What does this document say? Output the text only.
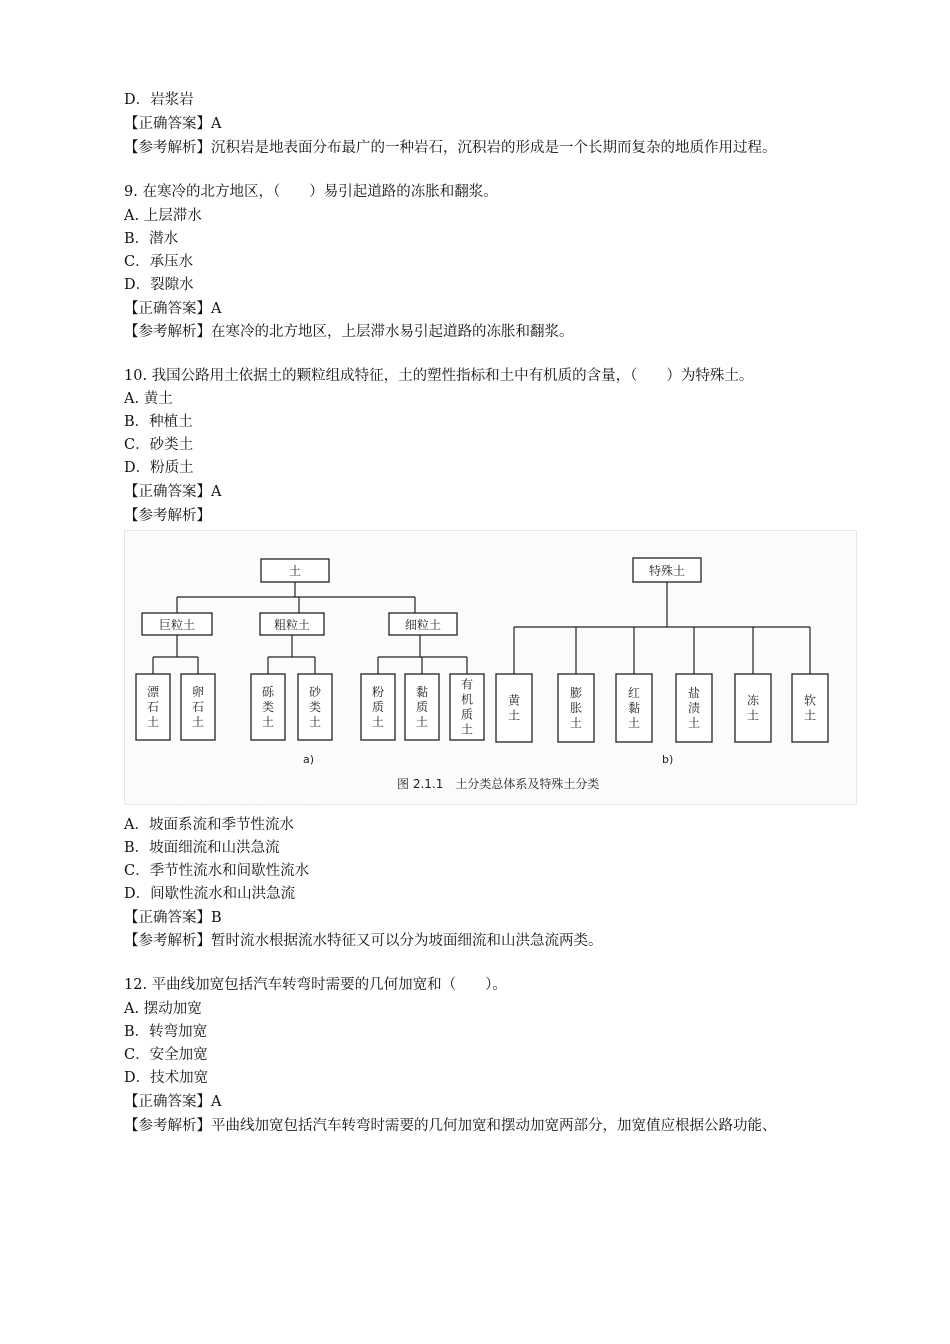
D．岩浆岩
【正确答案】A
【参考解析】沉积岩是地表面分布最广的一种岩石，沉积岩的形成是一个长期而复杂的地质作用过程。
9. 在寒冷的北方地区，（　　）易引起道路的冻胀和翻浆。
A. 上层滞水
B．潜水
C．承压水
D．裂隙水
【正确答案】A
【参考解析】在寒冷的北方地区，上层滞水易引起道路的冻胀和翻浆。
10. 我国公路用土依据土的颗粒组成特征，土的塑性指标和土中有机质的含量，（　　）为特殊土。
A. 黄土
B．种植土
C．砂类土
D．粉质土
【正确答案】A
【参考解析】
土
巨粒土	粗粒土	细粒土
漂石土
卵石土
砾类土
砂类土
粉质土
黏质土
有机质土
特殊土
黄土
膨胀土
红黏土
盐渍土
冻土
软土
a)	b)
图 2.1.1　土分类总体系及特殊土分类
A．坡面系流和季节性流水
B．坡面细流和山洪急流
C．季节性流水和间歇性流水
D．间歇性流水和山洪急流
【正确答案】B
【参考解析】暂时流水根据流水特征又可以分为坡面细流和山洪急流两类。
12. 平曲线加宽包括汽车转弯时需要的几何加宽和（　　）。
A. 摆动加宽
B．转弯加宽
C．安全加宽
D．技术加宽
【正确答案】A
【参考解析】平曲线加宽包括汽车转弯时需要的几何加宽和摆动加宽两部分，加宽值应根据公路功能、
